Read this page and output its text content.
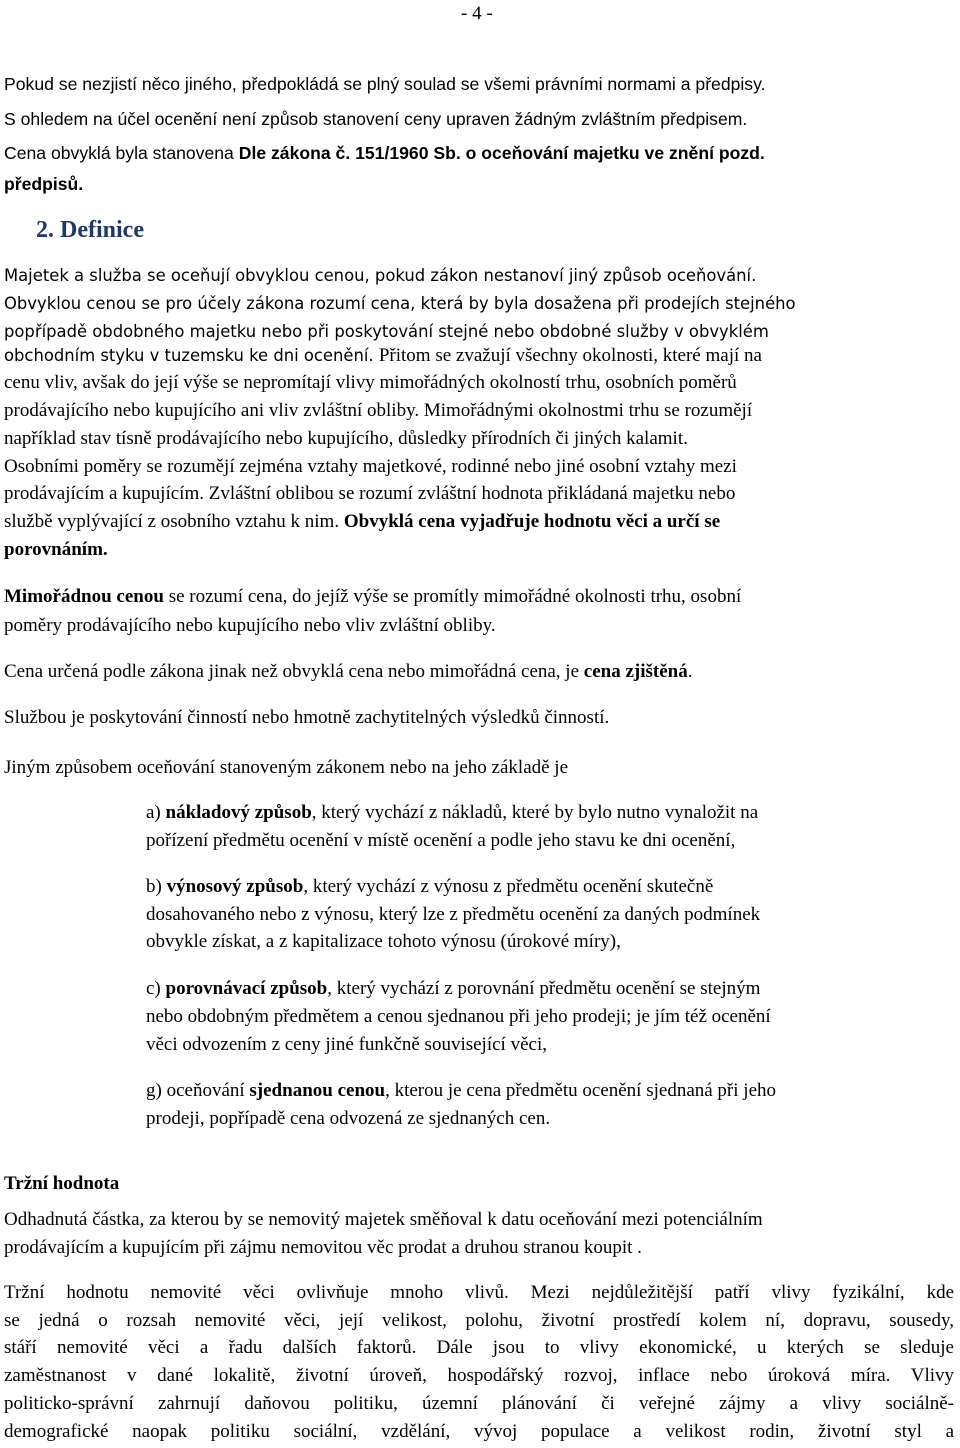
- 4 -
Pokud se nezjistí něco jiného, předpokládá se plný soulad se všemi právními normami a předpisy.
S ohledem na účel ocenění není způsob stanovení ceny upraven žádným zvláštním předpisem.
Cena obvyklá byla stanovena Dle zákona č. 151/1960 Sb. o oceňování majetku ve znění pozd.
předpisů.
2. Definice
Majetek a služba se oceňují obvyklou cenou, pokud zákon nestanoví jiný způsob oceňování.
Obvyklou cenou se pro účely zákona rozumí cena, která by byla dosažena při prodejích stejného
popřípadě obdobného majetku nebo při poskytování stejné nebo obdobné služby v obvyklém
obchodním styku v tuzemsku ke dni ocenění. Přitom se zvažují všechny okolnosti, které mají na
cenu vliv, avšak do její výše se nepromítají vlivy mimořádných okolností trhu, osobních poměrů
prodávajícího nebo kupujícího ani vliv zvláštní obliby. Mimořádnými okolnostmi trhu se rozumějí
například stav tísně prodávajícího nebo kupujícího, důsledky přírodních či jiných kalamit.
Osobními poměry se rozumějí zejména vztahy majetkové, rodinné nebo jiné osobní vztahy mezi
prodávajícím a kupujícím. Zvláštní oblibou se rozumí zvláštní hodnota přikládaná majetku nebo
službě vyplývající z osobního vztahu k nim. Obvyklá cena vyjadřuje hodnotu věci a určí se
porovnáním.
Mimořádnou cenou se rozumí cena, do jejíž výše se promítly mimořádné okolnosti trhu, osobní
poměry prodávajícího nebo kupujícího nebo vliv zvláštní obliby.
Cena určená podle zákona jinak než obvyklá cena nebo mimořádná cena, je cena zjištěná.
Službou je poskytování činností nebo hmotně zachytitelných výsledků činností.
Jiným způsobem oceňování stanoveným zákonem nebo na jeho základě je
a) nákladový způsob, který vychází z nákladů, které by bylo nutno vynaložit na
pořízení předmětu ocenění v místě ocenění a podle jeho stavu ke dni ocenění,
b) výnosový způsob, který vychází z výnosu z předmětu ocenění skutečně
dosahovaného nebo z výnosu, který lze z předmětu ocenění za daných podmínek
obvykle získat, a z kapitalizace tohoto výnosu (úrokové míry),
c) porovnávací způsob, který vychází z porovnání předmětu ocenění se stejným
nebo obdobným předmětem a cenou sjednanou při jeho prodeji; je jím též ocenění
věci odvozením z ceny jiné funkčně související věci,
g) oceňování sjednanou cenou, kterou je cena předmětu ocenění sjednaná při jeho
prodeji, popřípadě cena odvozená ze sjednaných cen.
Tržní hodnota
Odhadnutá částka, za kterou by se nemovitý majetek směňoval k datu oceňování mezi potenciálním
prodávajícím a kupujícím při zájmu nemovitou věc prodat a druhou stranou koupit .
Tržní hodnotu nemovité věci ovlivňuje mnoho vlivů. Mezi nejdůležitější patří vlivy fyzikální, kde
se jedná o rozsah nemovité věci, její velikost, polohu, životní prostředí kolem ní, dopravu, sousedy,
stáří nemovité věci a řadu dalších faktorů. Dále jsou to vlivy ekonomické, u kterých se sleduje
zaměstnanost v dané lokalitě, životní úroveň, hospodářský rozvoj, inflace nebo úroková míra. Vlivy
politicko-správní zahrnují daňovou politiku, územní plánování či veřejné zájmy a vlivy sociálně-
demografické naopak politiku sociální, vzdělání, vývoj populace a velikost rodin, životní styl a
